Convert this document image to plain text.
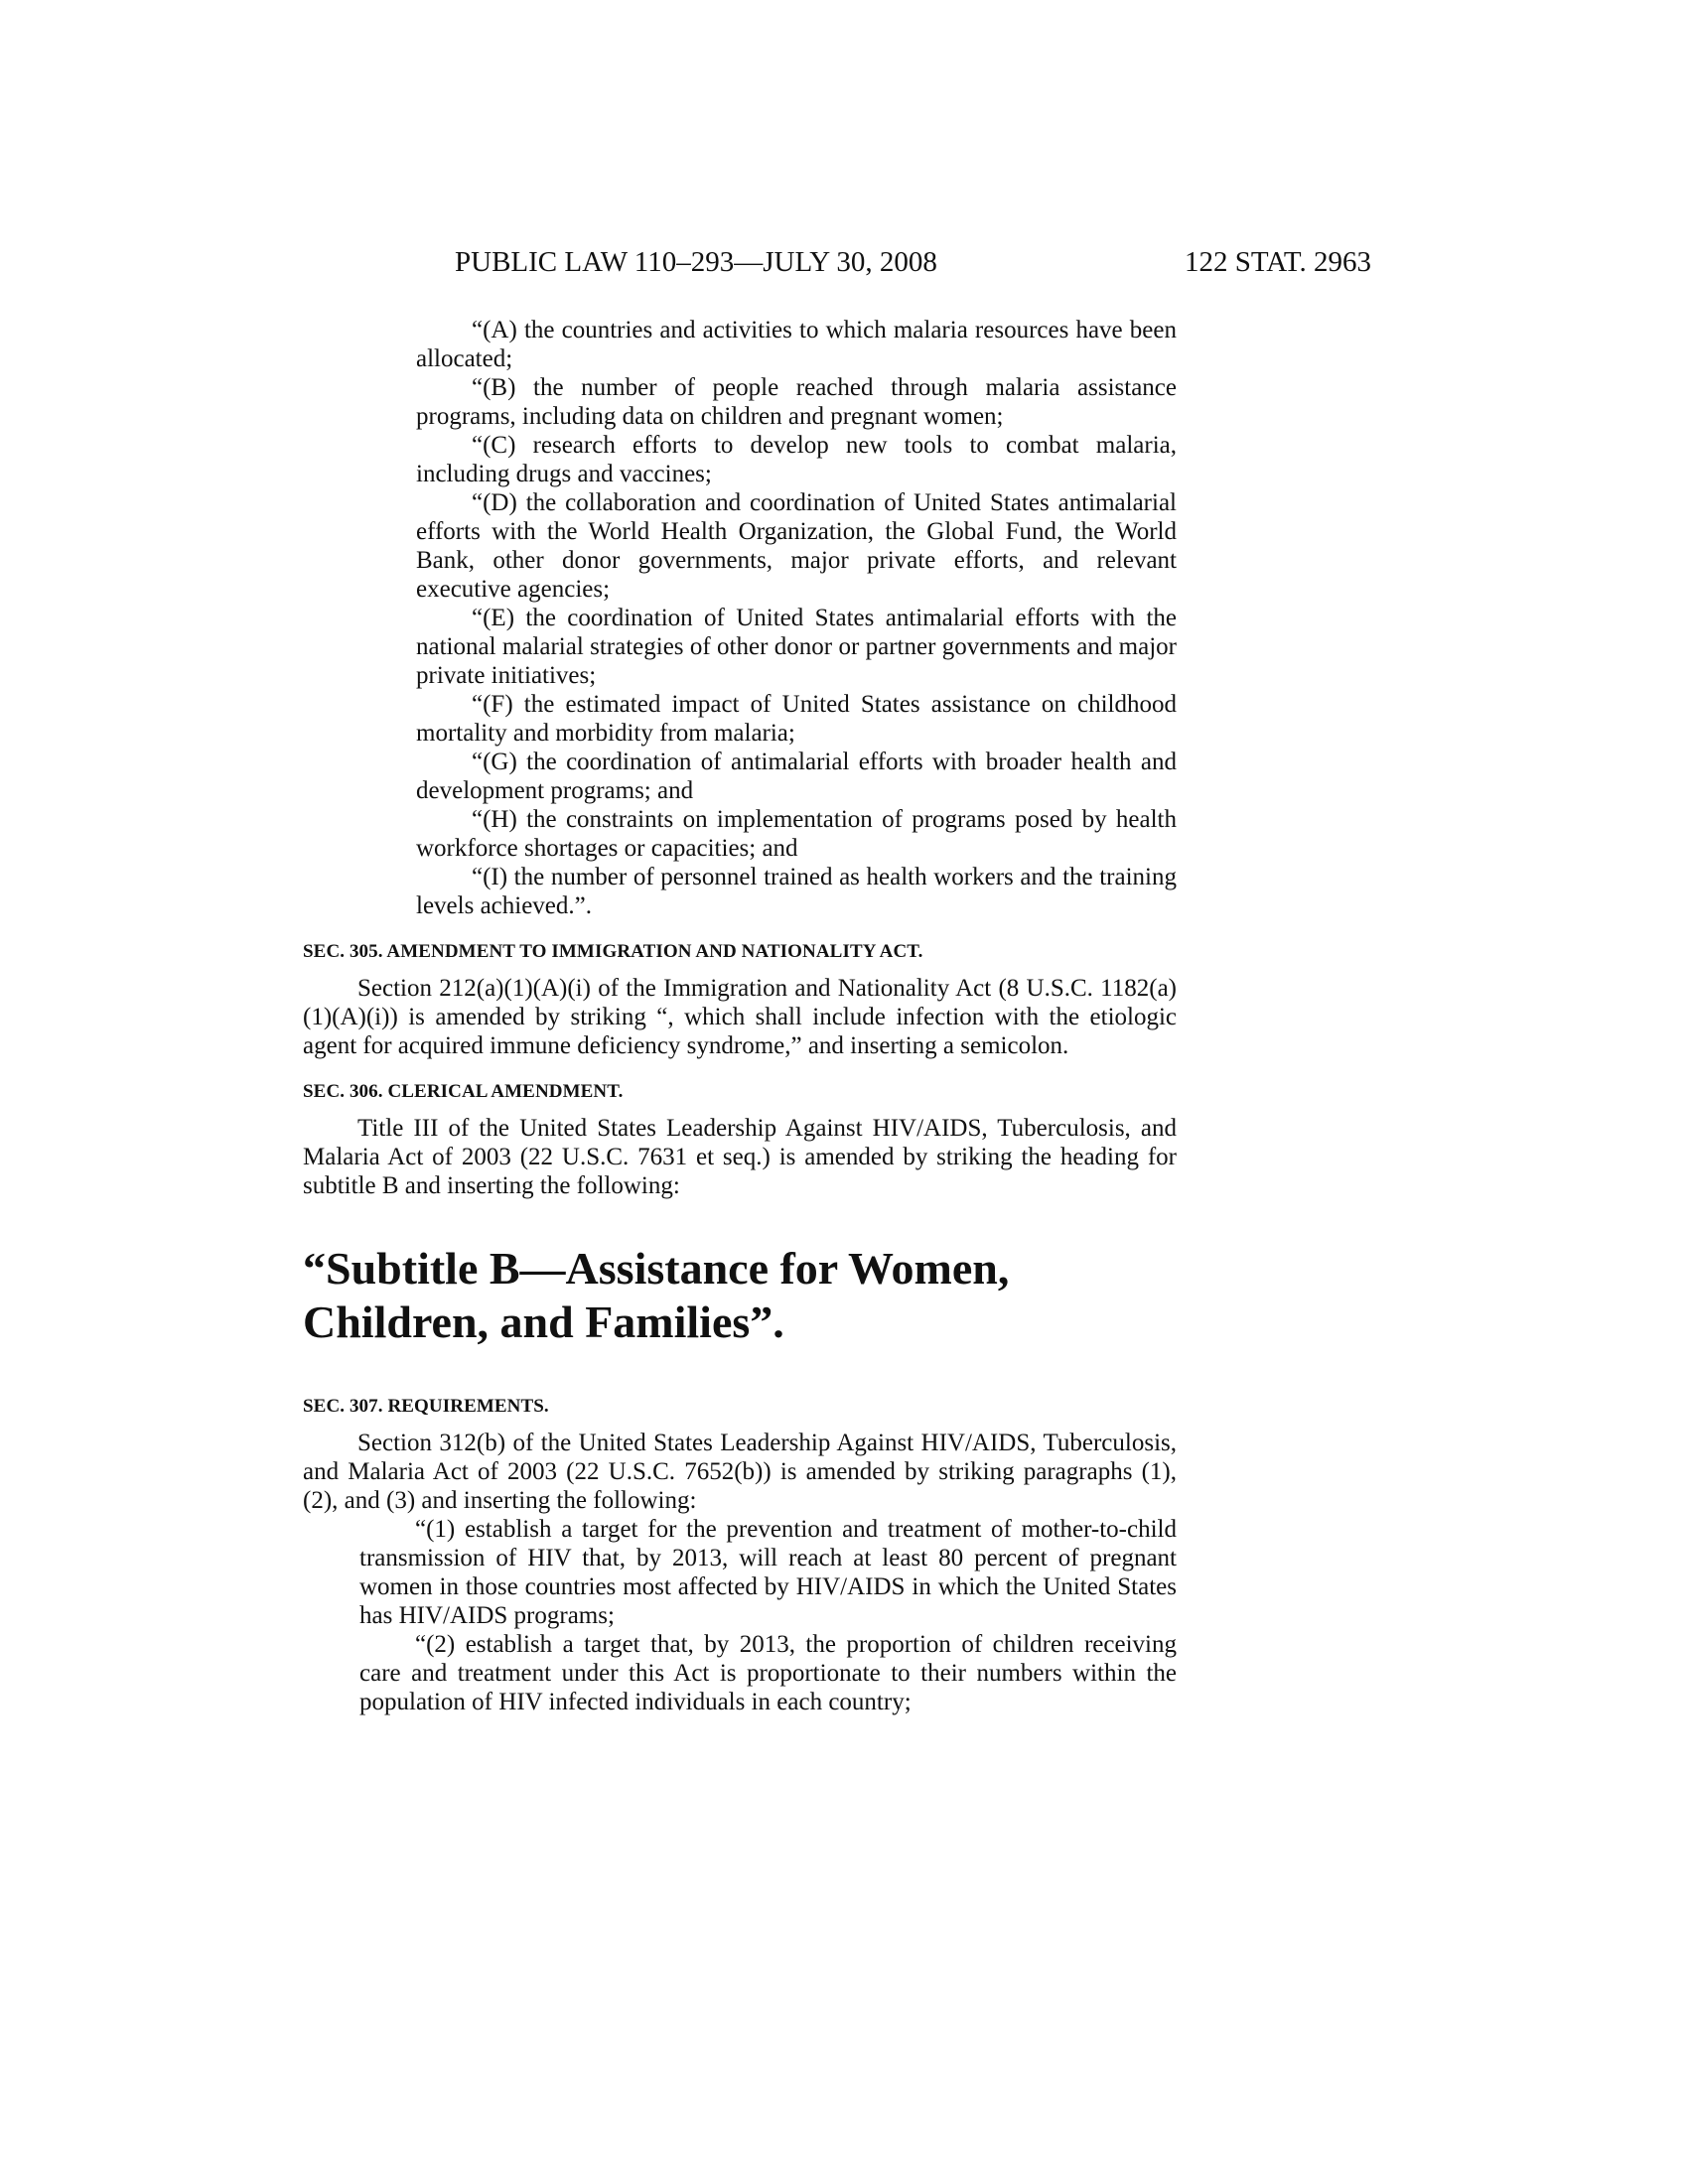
PUBLIC LAW 110–293—JULY 30, 2008	122 STAT. 2963

“(A) the countries and activities to which malaria resources have been allocated;

“(B) the number of people reached through malaria assistance programs, including data on children and pregnant women;

“(C) research efforts to develop new tools to combat malaria, including drugs and vaccines;

“(D) the collaboration and coordination of United States antimalarial efforts with the World Health Organization, the Global Fund, the World Bank, other donor governments, major private efforts, and relevant executive agencies;

“(E) the coordination of United States antimalarial efforts with the national malarial strategies of other donor or partner governments and major private initiatives;

“(F) the estimated impact of United States assistance on childhood mortality and morbidity from malaria;

“(G) the coordination of antimalarial efforts with broader health and development programs; and

“(H) the constraints on implementation of programs posed by health workforce shortages or capacities; and

“(I) the number of personnel trained as health workers and the training levels achieved.”.

SEC. 305. AMENDMENT TO IMMIGRATION AND NATIONALITY ACT.

Section 212(a)(1)(A)(i) of the Immigration and Nationality Act (8 U.S.C. 1182(a)(1)(A)(i)) is amended by striking “, which shall include infection with the etiologic agent for acquired immune deficiency syndrome,” and inserting a semicolon.

SEC. 306. CLERICAL AMENDMENT.

Title III of the United States Leadership Against HIV/AIDS, Tuberculosis, and Malaria Act of 2003 (22 U.S.C. 7631 et seq.) is amended by striking the heading for subtitle B and inserting the following:

“Subtitle B—Assistance for Women,

Children, and Families”.

SEC. 307. REQUIREMENTS.

Section 312(b) of the United States Leadership Against HIV/AIDS, Tuberculosis, and Malaria Act of 2003 (22 U.S.C. 7652(b)) is amended by striking paragraphs (1), (2), and (3) and inserting the following:

“(1) establish a target for the prevention and treatment of mother-to-child transmission of HIV that, by 2013, will reach at least 80 percent of pregnant women in those countries most affected by HIV/AIDS in which the United States has HIV/AIDS programs;

“(2) establish a target that, by 2013, the proportion of children receiving care and treatment under this Act is proportionate to their numbers within the population of HIV infected individuals in each country;
